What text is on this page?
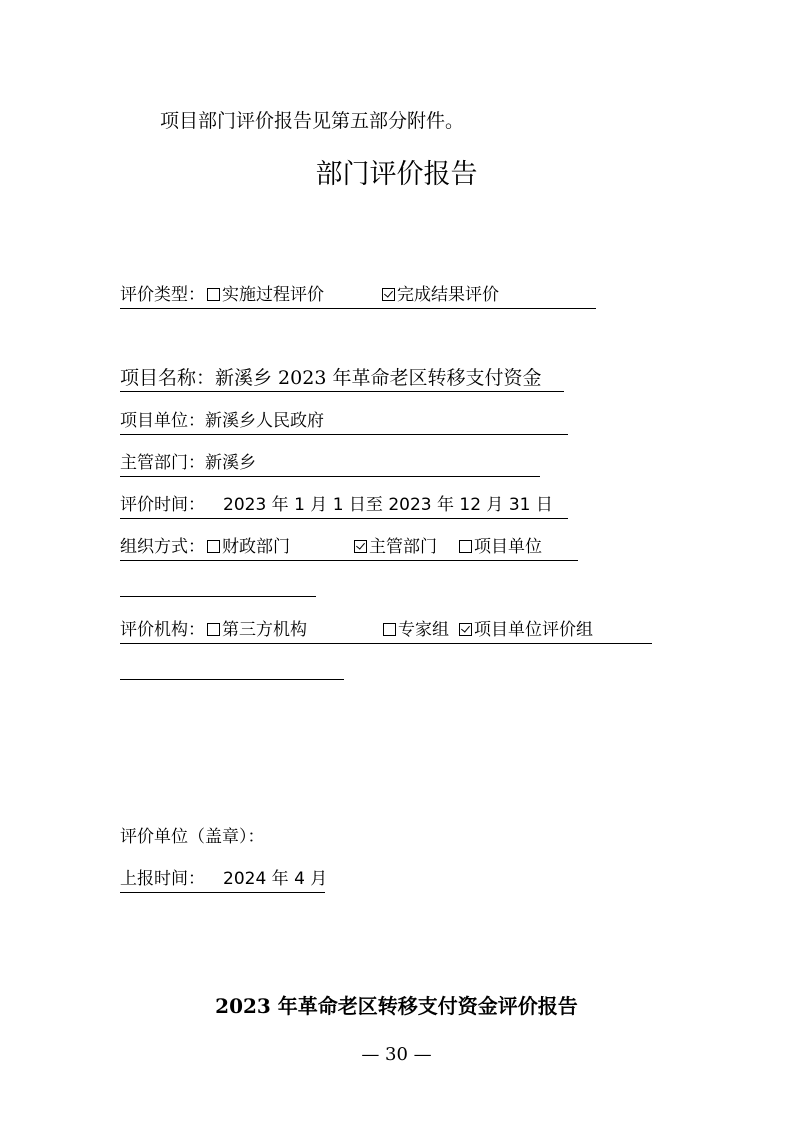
项目部门评价报告见第五部分附件。
部门评价报告
评价类型： 实施过程评价	完成结果评价
项目名称：新溪乡 2023 年革命老区转移支付资金
项目单位：新溪乡人民政府
主管部门：新溪乡
评价时间： 2023 年 1 月 1 日至 2023 年 12 月 31 日
组织方式： 财政部门	主管部门 项目单位
评价机构： 第三方机构	专家组 项目单位评价组
评价单位（盖章）：
上报时间： 2024 年 4 月
2023 年革命老区转移支付资金评价报告
— 30 —
